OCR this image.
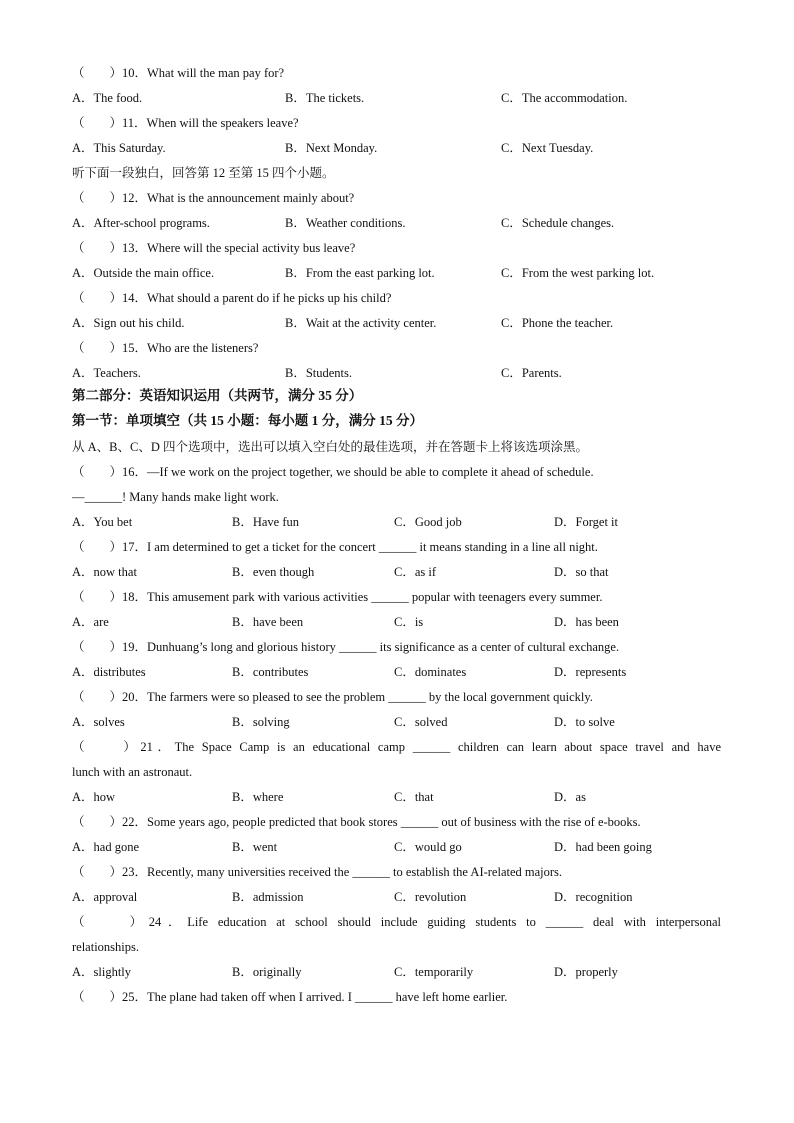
（　　）10．What will the man pay for?
A．The food.	B．The tickets.	C．The accommodation.
（　　）11．When will the speakers leave?
A．This Saturday.	B．Next Monday.	C．Next Tuesday.
听下面一段独白，回答第 12 至第 15 四个小题。
（　　）12．What is the announcement mainly about?
A．After-school programs.	B．Weather conditions.	C．Schedule changes.
（　　）13．Where will the special activity bus leave?
A．Outside the main office.	B．From the east parking lot.	C．From the west parking lot.
（　　）14．What should a parent do if he picks up his child?
A．Sign out his child.	B．Wait at the activity center.	C．Phone the teacher.
（　　）15．Who are the listeners?
A．Teachers.	B．Students.	C．Parents.
第二部分：英语知识运用（共两节，满分 35 分）
第一节：单项填空（共 15 小题：每小题 1 分，满分 15 分）
从 A、B、C、D 四个选项中，选出可以填入空白处的最佳选项，并在答题卡上将该选项涂黑。
（　　）16．—If we work on the project together, we should be able to complete it ahead of schedule.
—______! Many hands make light work.
A．You bet	B．Have fun	C．Good job	D．Forget it
（　　）17．I am determined to get a ticket for the concert ______ it means standing in a line all night.
A．now that	B．even though	C．as if	D．so that
（　　）18．This amusement park with various activities ______ popular with teenagers every summer.
A．are	B．have been	C．is	D．has been
（　　）19．Dunhuang’s long and glorious history ______ its significance as a center of cultural exchange.
A．distributes	B．contributes	C．dominates	D．represents
（　　）20．The farmers were so pleased to see the problem ______ by the local government quickly.
A．solves	B．solving	C．solved	D．to solve
（　　）21．The Space Camp is an educational camp ______ children can learn about space travel and have
lunch with an astronaut.
A．how	B．where	C．that	D．as
（　　）22．Some years ago, people predicted that book stores ______ out of business with the rise of e-books.
A．had gone	B．went	C．would go	D．had been going
（　　）23．Recently, many universities received the ______ to establish the AI-related majors.
A．approval	B．admission	C．revolution	D．recognition
（　　）24．Life education at school should include guiding students to ______ deal with interpersonal
relationships.
A．slightly	B．originally	C．temporarily	D．properly
（　　）25．The plane had taken off when I arrived. I ______ have left home earlier.
